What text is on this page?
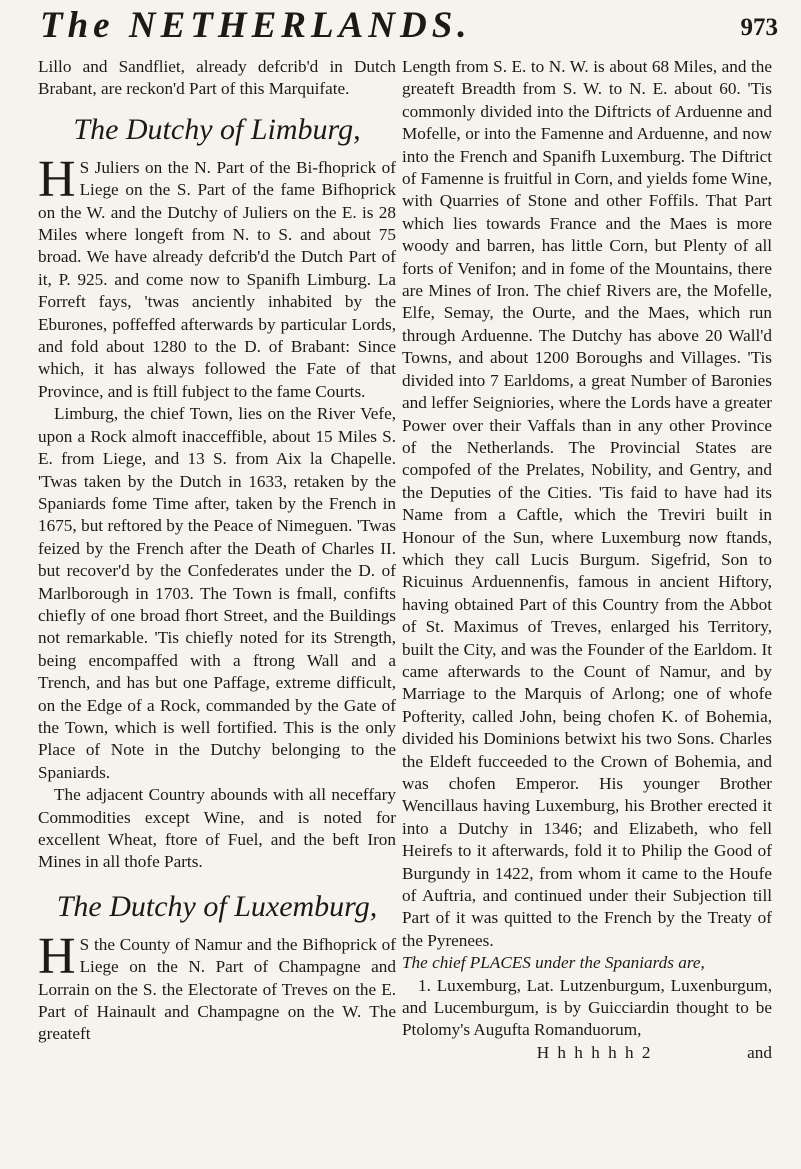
The NETHERLANDS.	973

Lillo and Sandfliet, already defcrib'd in Dutch Brabant, are reckon'd Part of this Marquifate.

The Dutchy of Limburg,

H S Juliers on the N. Part of the Bi-fhoprick of Liege on the S. Part of the fame Bifhoprick on the W. and the Dutchy of Juliers on the E. is 28 Miles where longeft from N. to S. and about 75 broad. We have already defcrib'd the Dutch Part of it, P. 925. and come now to Spanifh Limburg. La Forreft fays, 'twas anciently inhabited by the Eburones, poffeffed afterwards by particular Lords, and fold about 1280 to the D. of Brabant: Since which, it has always followed the Fate of that Province, and is ftill fubject to the fame Courts.

Limburg, the chief Town, lies on the River Vefe, upon a Rock almoft inacceffible, about 15 Miles S. E. from Liege, and 13 S. from Aix la Chapelle. 'Twas taken by the Dutch in 1633, retaken by the Spaniards fome Time after, taken by the French in 1675, but reftored by the Peace of Nimeguen. 'Twas feized by the French after the Death of Charles II. but recover'd by the Confederates under the D. of Marlborough in 1703. The Town is fmall, confifts chiefly of one broad fhort Street, and the Buildings not remarkable. 'Tis chiefly noted for its Strength, being encompaffed with a ftrong Wall and a Trench, and has but one Paffage, extreme difficult, on the Edge of a Rock, commanded by the Gate of the Town, which is well fortified. This is the only Place of Note in the Dutchy belonging to the Spaniards.

The adjacent Country abounds with all neceffary Commodities except Wine, and is noted for excellent Wheat, ftore of Fuel, and the beft Iron Mines in all thofe Parts.

The Dutchy of Luxemburg,

H S the County of Namur and the Bifhoprick of Liege on the N. Part of Champagne and Lorrain on the S. the Electorate of Treves on the E. Part of Hainault and Champagne on the W. The greateft

Length from S. E. to N. W. is about 68 Miles, and the greateft Breadth from S. W. to N. E. about 60. 'Tis commonly divided into the Diftricts of Arduenne and Mofelle, or into the Famenne and Arduenne, and now into the French and Spanifh Luxemburg. The Diftrict of Famenne is fruitful in Corn, and yields fome Wine, with Quarries of Stone and other Foffils. That Part which lies towards France and the Maes is more woody and barren, has little Corn, but Plenty of all forts of Venifon; and in fome of the Mountains, there are Mines of Iron. The chief Rivers are, the Mofelle, Elfe, Semay, the Ourte, and the Maes, which run through Arduenne. The Dutchy has above 20 Wall'd Towns, and about 1200 Boroughs and Villages. 'Tis divided into 7 Earldoms, a great Number of Baronies and leffer Seigniories, where the Lords have a greater Power over their Vaffals than in any other Province of the Netherlands. The Provincial States are compofed of the Prelates, Nobility, and Gentry, and the Deputies of the Cities. 'Tis faid to have had its Name from a Caftle, which the Treviri built in Honour of the Sun, where Luxemburg now ftands, which they call Lucis Burgum. Sigefrid, Son to Ricuinus Arduennenfis, famous in ancient Hiftory, having obtained Part of this Country from the Abbot of St. Maximus of Treves, enlarged his Territory, built the City, and was the Founder of the Earldom. It came afterwards to the Count of Namur, and by Marriage to the Marquis of Arlong; one of whofe Pofterity, called John, being chofen K. of Bohemia, divided his Dominions betwixt his two Sons. Charles the Eldeft fucceeded to the Crown of Bohemia, and was chofen Emperor. His younger Brother Wencillaus having Luxemburg, his Brother erected it into a Dutchy in 1346; and Elizabeth, who fell Heirefs to it afterwards, fold it to Philip the Good of Burgundy in 1422, from whom it came to the Houfe of Auftria, and continued under their Subjection till Part of it was quitted to the French by the Treaty of the Pyrenees.

The chief PLACES under the Spaniards are,

1. Luxemburg, Lat. Lutzenburgum, Luxenburgum, and Lucemburgum, is by Guicciardin thought to be Ptolomy's Augufta Romanduorum,

H h h h h h 2	and
